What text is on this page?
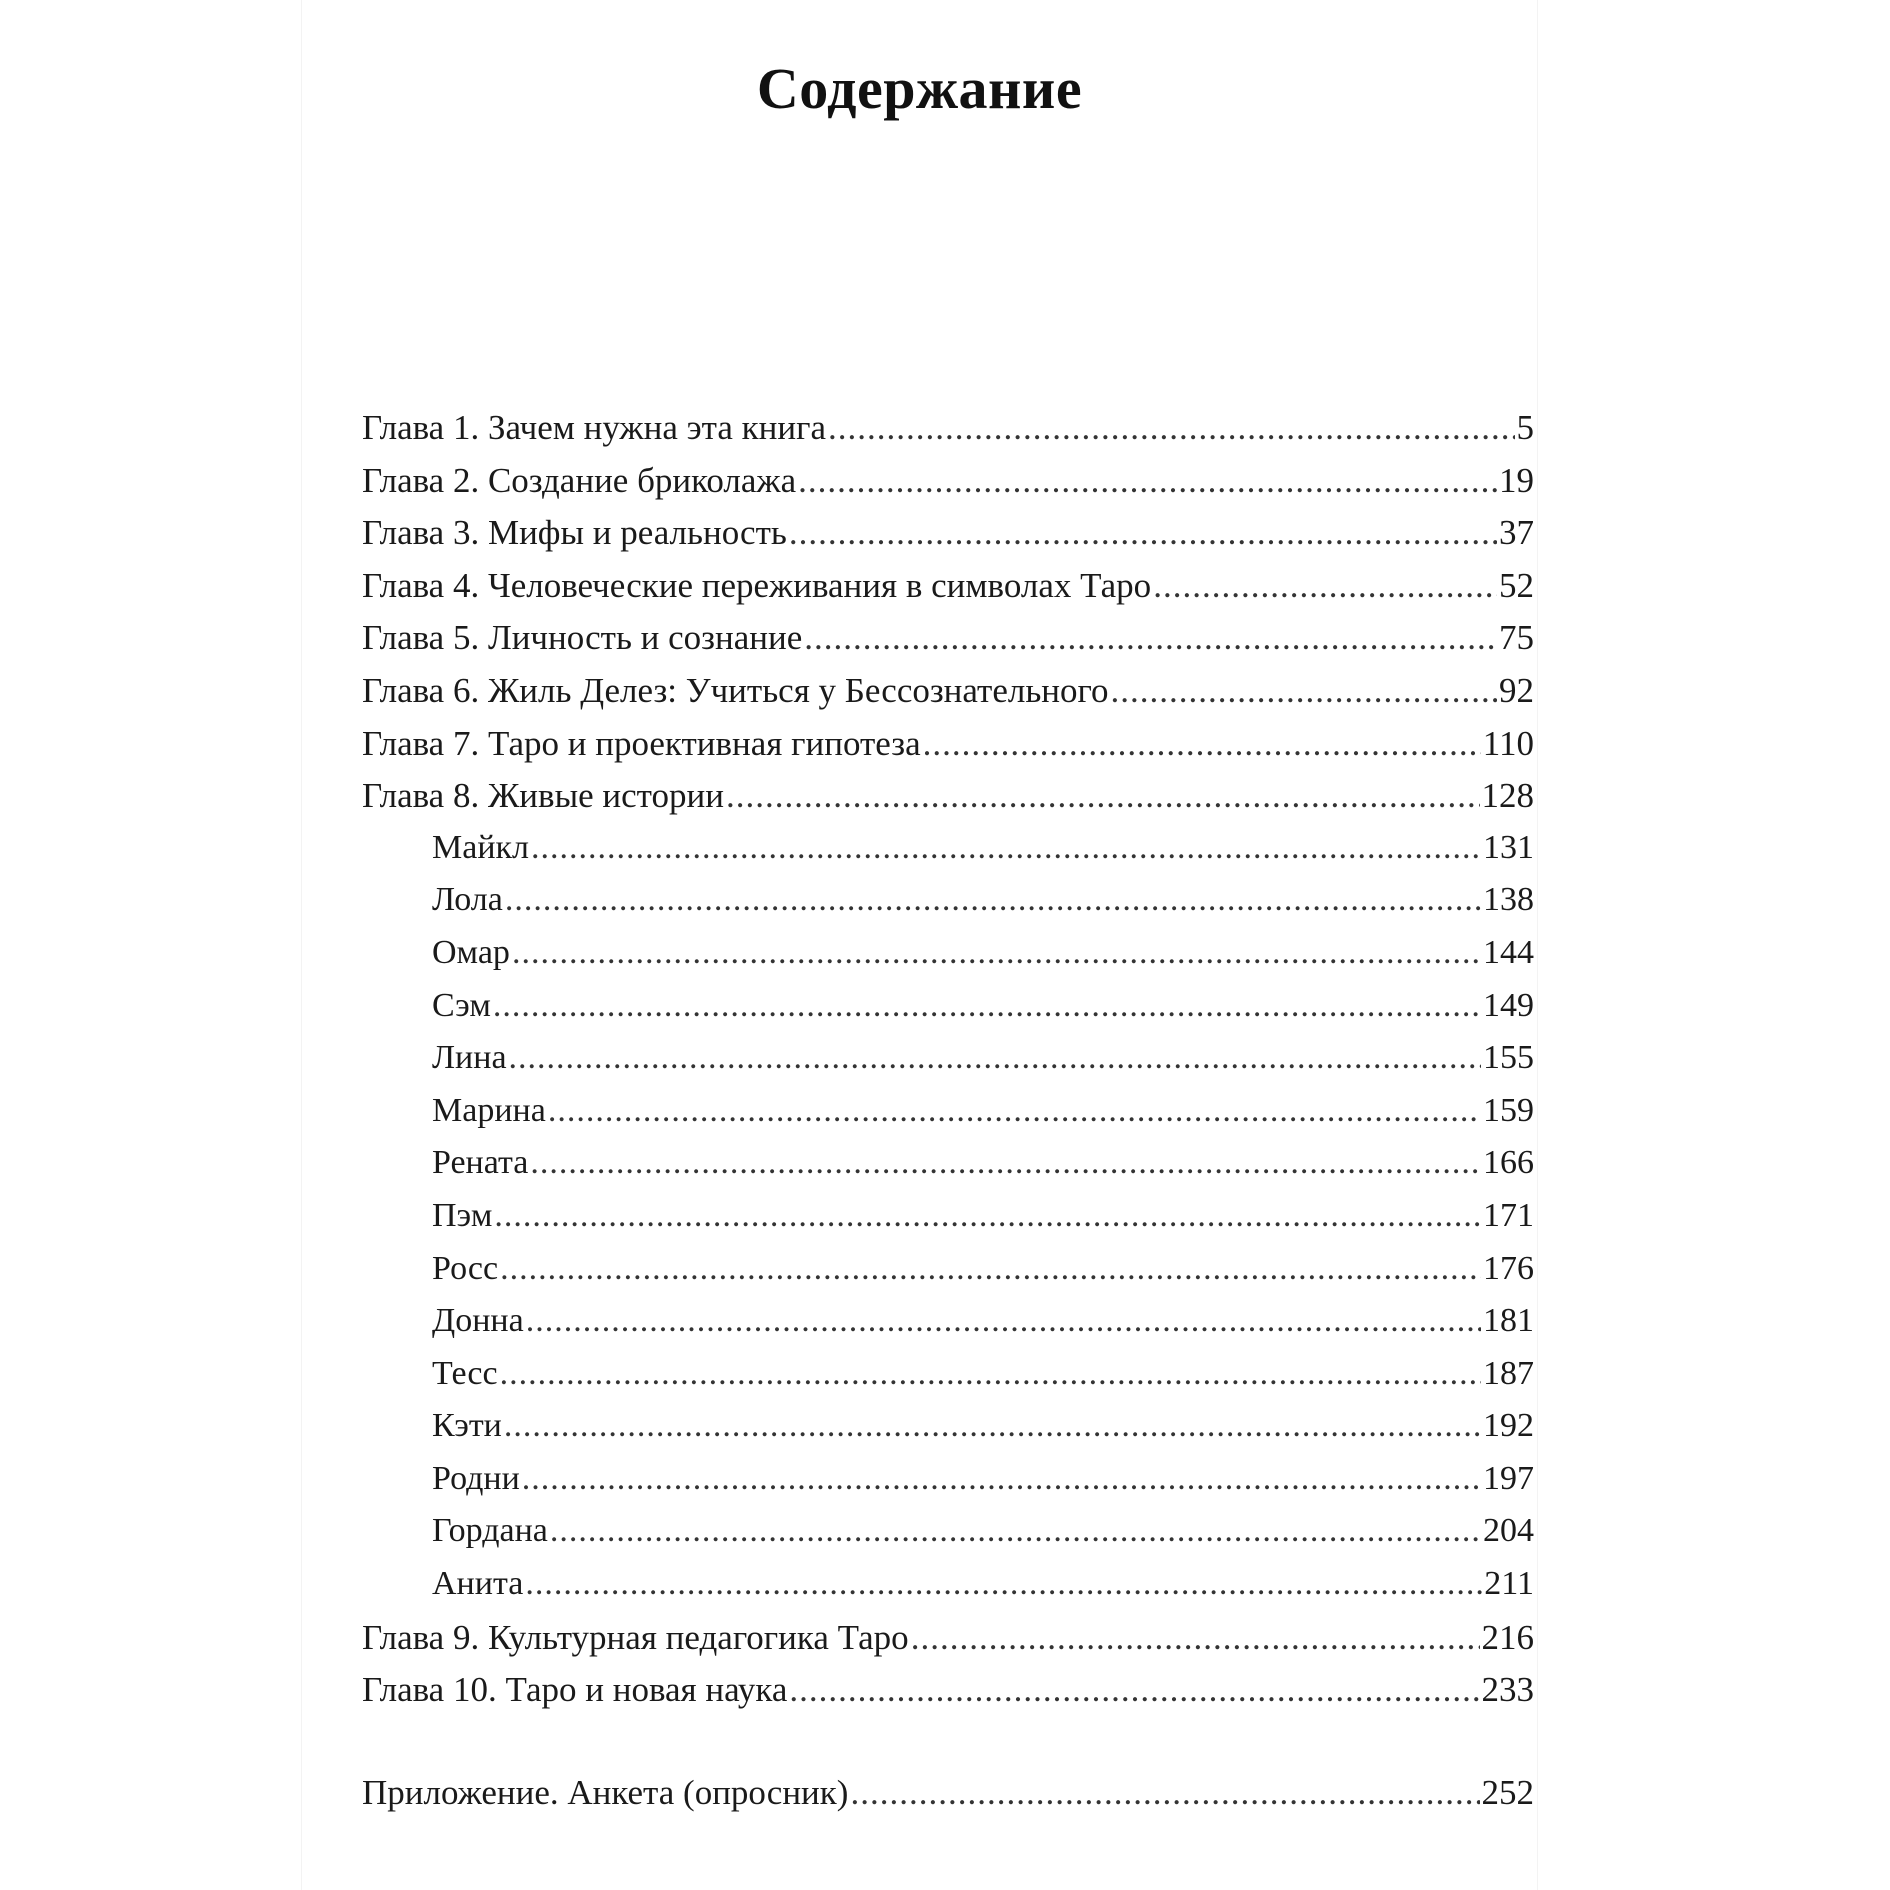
Содержание
Глава 1. Зачем нужна эта книга .....	5
Глава 2. Создание бриколажа .....	19
Глава 3. Мифы и реальность .....	37
Глава 4. Человеческие переживания в символах Таро .....	52
Глава 5. Личность и сознание .....	75
Глава 6. Жиль Делез: Учиться у Бессознательного .....	92
Глава 7. Таро и проективная гипотеза .....	110
Глава 8. Живые истории .....	128
Майкл .....	131
Лола .....	138
Омар .....	144
Сэм .....	149
Лина .....	155
Марина .....	159
Рената .....	166
Пэм .....	171
Росс .....	176
Донна .....	181
Тесс .....	187
Кэти .....	192
Родни .....	197
Гордана .....	204
Анита .....	211
Глава 9. Культурная педагогика Таро .....	216
Глава 10. Таро и новая наука .....	233
Приложение. Анкета (опросник) .....	252
